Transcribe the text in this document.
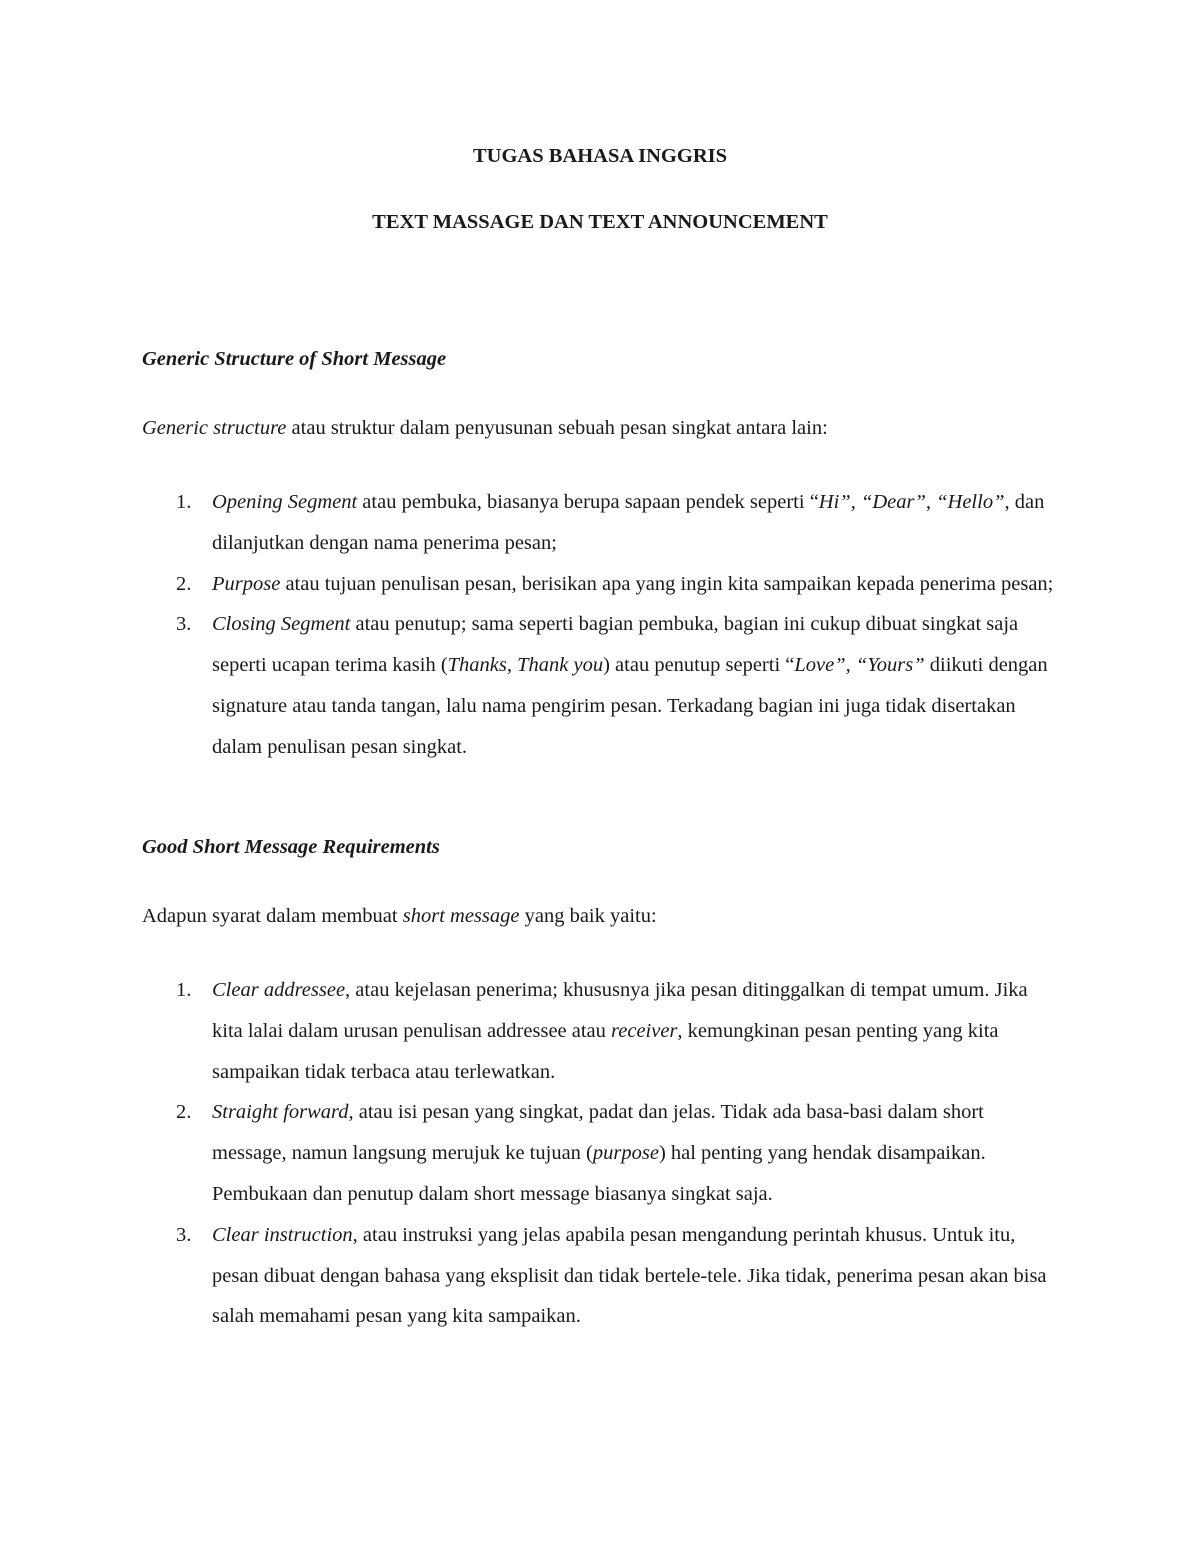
TUGAS BAHASA INGGRIS
TEXT MASSAGE DAN TEXT ANNOUNCEMENT
Generic Structure of Short Message

Generic structure atau struktur dalam penyusunan sebuah pesan singkat antara lain:

1. Opening Segment atau pembuka, biasanya berupa sapaan pendek seperti “Hi”, “Dear”, “Hello”, dan dilanjutkan dengan nama penerima pesan;
2. Purpose atau tujuan penulisan pesan, berisikan apa yang ingin kita sampaikan kepada penerima pesan;
3. Closing Segment atau penutup; sama seperti bagian pembuka, bagian ini cukup dibuat singkat saja seperti ucapan terima kasih (Thanks, Thank you) atau penutup seperti “Love”, “Yours” diikuti dengan signature atau tanda tangan, lalu nama pengirim pesan. Terkadang bagian ini juga tidak disertakan dalam penulisan pesan singkat.
Good Short Message Requirements

Adapun syarat dalam membuat short message yang baik yaitu:

1. Clear addressee, atau kejelasan penerima; khususnya jika pesan ditinggalkan di tempat umum. Jika kita lalai dalam urusan penulisan addressee atau receiver, kemungkinan pesan penting yang kita sampaikan tidak terbaca atau terlewatkan.
2. Straight forward, atau isi pesan yang singkat, padat dan jelas. Tidak ada basa-basi dalam short message, namun langsung merujuk ke tujuan (purpose) hal penting yang hendak disampaikan. Pembukaan dan penutup dalam short message biasanya singkat saja.
3. Clear instruction, atau instruksi yang jelas apabila pesan mengandung perintah khusus. Untuk itu, pesan dibuat dengan bahasa yang eksplisit dan tidak bertele-tele. Jika tidak, penerima pesan akan bisa salah memahami pesan yang kita sampaikan.
